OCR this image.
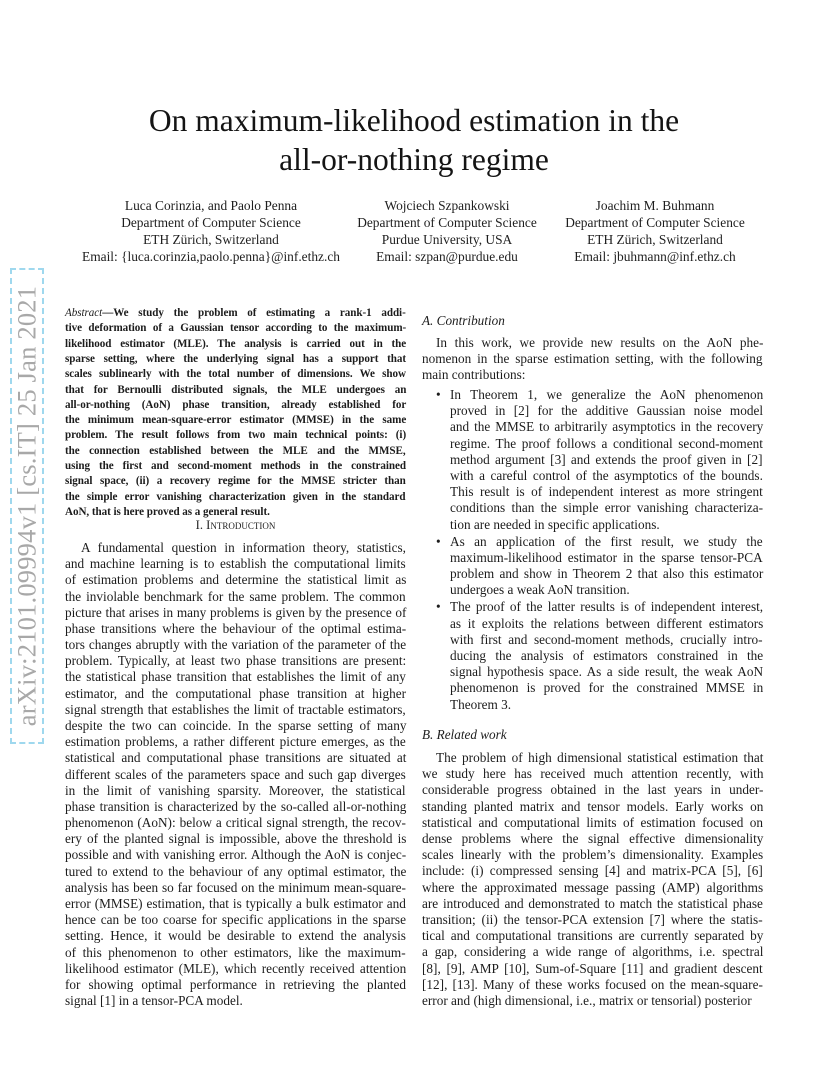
On maximum-likelihood estimation in the
all-or-nothing regime
Luca Corinzia, and Paolo Penna
Department of Computer Science
ETH Zürich, Switzerland
Email: {luca.corinzia,paolo.penna}@inf.ethz.ch
Wojciech Szpankowski
Department of Computer Science
Purdue University, USA
Email: szpan@purdue.edu
Joachim M. Buhmann
Department of Computer Science
ETH Zürich, Switzerland
Email: jbuhmann@inf.ethz.ch
arXiv:2101.09994v1 [cs.IT] 25 Jan 2021 Abstract—We study the problem of estimating a rank-1 addi-
tive deformation of a Gaussian tensor according to the maximum-
likelihood estimator (MLE). The analysis is carried out in the
sparse setting, where the underlying signal has a support that
scales sublinearly with the total number of dimensions. We show
that for Bernoulli distributed signals, the MLE undergoes an
all-or-nothing (AoN) phase transition, already established for
the minimum mean-square-error estimator (MMSE) in the same
problem. The result follows from two main technical points: (i)
the connection established between the MLE and the MMSE,
using the first and second-moment methods in the constrained
signal space, (ii) a recovery regime for the MMSE stricter than
the simple error vanishing characterization given in the standard
AoN, that is here proved as a general result.
I. Introduction
A fundamental question in information theory, statistics,
and machine learning is to establish the computational limits
of estimation problems and determine the statistical limit as
the inviolable benchmark for the same problem. The common
picture that arises in many problems is given by the presence of
phase transitions where the behaviour of the optimal estima-
tors changes abruptly with the variation of the parameter of the
problem. Typically, at least two phase transitions are present:
the statistical phase transition that establishes the limit of any
estimator, and the computational phase transition at higher
signal strength that establishes the limit of tractable estimators,
despite the two can coincide. In the sparse setting of many
estimation problems, a rather different picture emerges, as the
statistical and computational phase transitions are situated at
different scales of the parameters space and such gap diverges
in the limit of vanishing sparsity. Moreover, the statistical
phase transition is characterized by the so-called all-or-nothing
phenomenon (AoN): below a critical signal strength, the recov-
ery of the planted signal is impossible, above the threshold is
possible and with vanishing error. Although the AoN is conjec-
tured to extend to the behaviour of any optimal estimator, the
analysis has been so far focused on the minimum mean-square-
error (MMSE) estimation, that is typically a bulk estimator and
hence can be too coarse for specific applications in the sparse
setting. Hence, it would be desirable to extend the analysis
of this phenomenon to other estimators, like the maximum-
likelihood estimator (MLE), which recently received attention
for showing optimal performance in retrieving the planted
signal [1] in a tensor-PCA model.
A. Contribution
In this work, we provide new results on the AoN phe-
nomenon in the sparse estimation setting, with the following
main contributions:
• In Theorem 1, we generalize the AoN phenomenon
proved in [2] for the additive Gaussian noise model
and the MMSE to arbitrarily asymptotics in the recovery
regime. The proof follows a conditional second-moment
method argument [3] and extends the proof given in [2]
with a careful control of the asymptotics of the bounds.
This result is of independent interest as more stringent
conditions than the simple error vanishing characteriza-
tion are needed in specific applications.
• As an application of the first result, we study the
maximum-likelihood estimator in the sparse tensor-PCA
problem and show in Theorem 2 that also this estimator
undergoes a weak AoN transition.
• The proof of the latter results is of independent interest,
as it exploits the relations between different estimators
with first and second-moment methods, crucially intro-
ducing the analysis of estimators constrained in the
signal hypothesis space. As a side result, the weak AoN
phenomenon is proved for the constrained MMSE in
Theorem 3.
B. Related work
The problem of high dimensional statistical estimation that
we study here has received much attention recently, with
considerable progress obtained in the last years in under-
standing planted matrix and tensor models. Early works on
statistical and computational limits of estimation focused on
dense problems where the signal effective dimensionality
scales linearly with the problem’s dimensionality. Examples
include: (i) compressed sensing [4] and matrix-PCA [5], [6]
where the approximated message passing (AMP) algorithms
are introduced and demonstrated to match the statistical phase
transition; (ii) the tensor-PCA extension [7] where the statis-
tical and computational transitions are currently separated by
a gap, considering a wide range of algorithms, i.e. spectral
[8], [9], AMP [10], Sum-of-Square [11] and gradient descent
[12], [13]. Many of these works focused on the mean-square-
error and (high dimensional, i.e., matrix or tensorial) posterior
